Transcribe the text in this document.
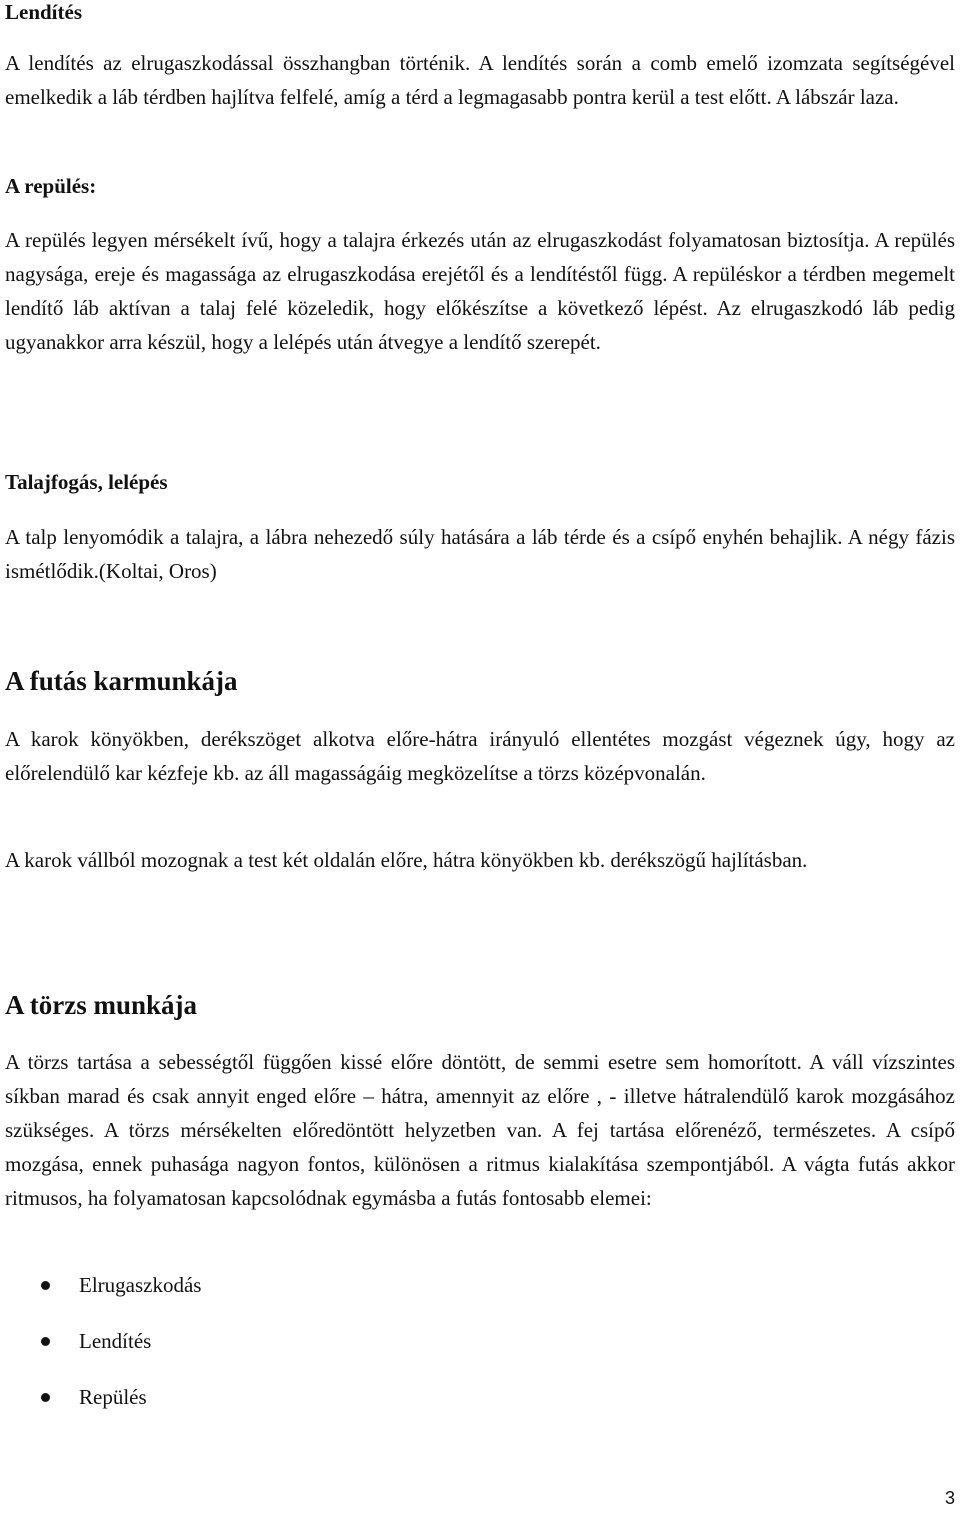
Lendítés

A lendítés az elrugaszkodással összhangban történik. A lendítés során a comb emelő izomzata segítségével emelkedik a láb térdben hajlítva felfelé, amíg a térd a legmagasabb pontra kerül a test előtt. A lábszár laza.

A repülés:

A repülés legyen mérsékelt ívű, hogy a talajra érkezés után az elrugaszkodást folyamatosan biztosítja. A repülés nagysága, ereje és magassága az elrugaszkodása erejétől és a lendítéstől függ. A repüléskor a térdben megemelt lendítő láb aktívan a talaj felé közeledik, hogy előkészítse a következő lépést. Az elrugaszkodó láb pedig ugyanakkor arra készül, hogy a lelépés után átvegye a lendítő szerepét.

Talajfogás, lelépés

A talp lenyomódik a talajra, a lábra nehezedő súly hatására a láb térde és a csípő enyhén behajlik. A négy fázis ismétlődik.(Koltai, Oros)

A futás karmunkája

A karok könyökben, derékszöget alkotva előre-hátra irányuló ellentétes mozgást végeznek úgy, hogy az előrelendülő kar kézfeje kb. az áll magasságáig megközelítse a törzs középvonalán.

A karok vállból mozognak a test két oldalán előre, hátra könyökben kb. derékszögű hajlításban.

A törzs munkája

A törzs tartása a sebességtől függően kissé előre döntött, de semmi esetre sem homorított. A váll vízszintes síkban marad és csak annyit enged előre – hátra, amennyit az előre , - illetve hátralendülő karok mozgásához szükséges. A törzs mérsékelten előredöntött helyzetben van. A fej tartása előrenéző, természetes. A csípő mozgása, ennek puhasága nagyon fontos, különösen a ritmus kialakítása szempontjából. A vágta futás akkor ritmusos, ha folyamatosan kapcsolódnak egymásba a futás fontosabb elemei:

Elrugaszkodás
Lendítés
Repülés
3
